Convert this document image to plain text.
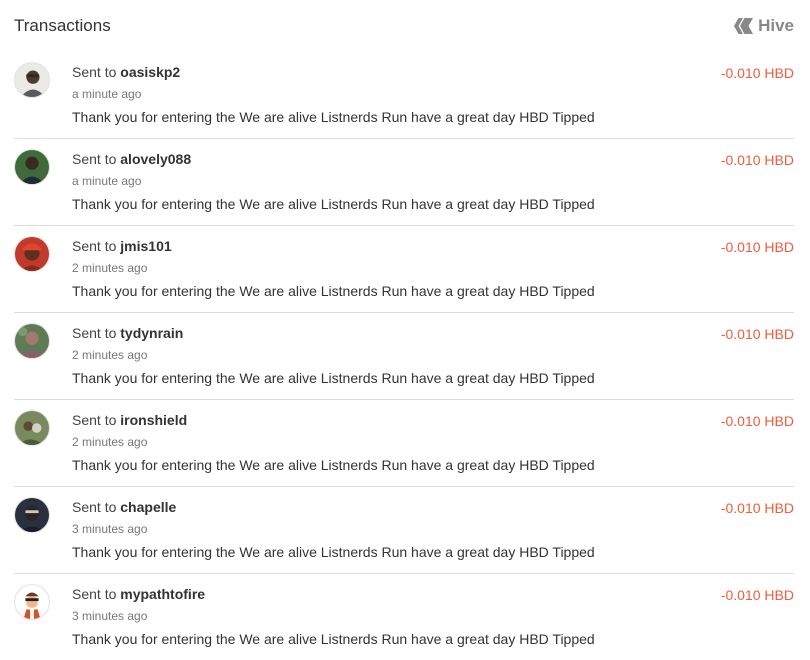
Transactions	Hive
Sent to oasiskp2
a minute ago
Thank you for entering the We are alive Listnerds Run have a great day HBD Tipped
-0.010 HBD
Sent to alovely088
a minute ago
Thank you for entering the We are alive Listnerds Run have a great day HBD Tipped
-0.010 HBD
Sent to jmis101
2 minutes ago
Thank you for entering the We are alive Listnerds Run have a great day HBD Tipped
-0.010 HBD
Sent to tydynrain
2 minutes ago
Thank you for entering the We are alive Listnerds Run have a great day HBD Tipped
-0.010 HBD
Sent to ironshield
2 minutes ago
Thank you for entering the We are alive Listnerds Run have a great day HBD Tipped
-0.010 HBD
Sent to chapelle
3 minutes ago
Thank you for entering the We are alive Listnerds Run have a great day HBD Tipped
-0.010 HBD
Sent to mypathtofire
3 minutes ago
Thank you for entering the We are alive Listnerds Run have a great day HBD Tipped
-0.010 HBD
